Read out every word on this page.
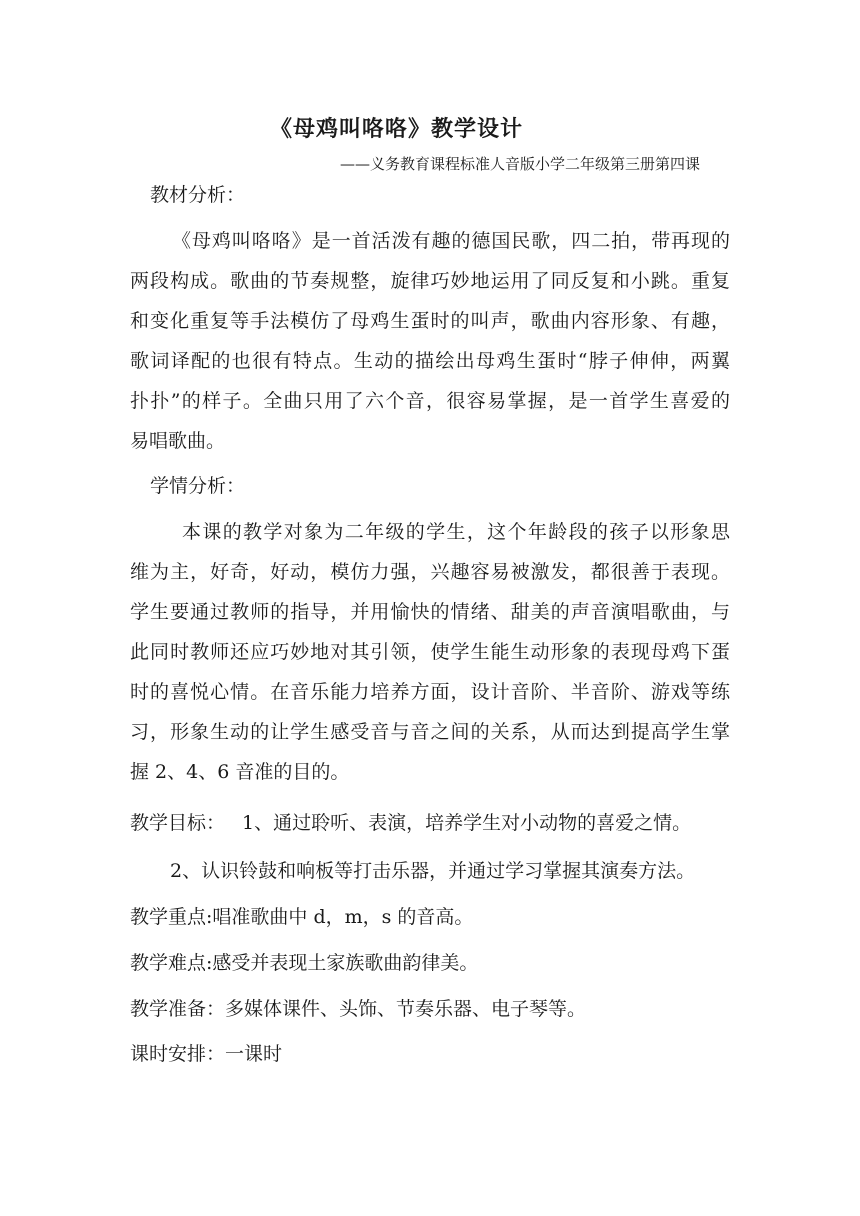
《母鸡叫咯咯》教学设计
——义务教育课程标准人音版小学二年级第三册第四课
教材分析：
《母鸡叫咯咯》是一首活泼有趣的德国民歌，四二拍，带再现的
两段构成。歌曲的节奏规整，旋律巧妙地运用了同反复和小跳。重复
和变化重复等手法模仿了母鸡生蛋时的叫声，歌曲内容形象、有趣，
歌词译配的也很有特点。生动的描绘出母鸡生蛋时“脖子伸伸，两翼
扑扑”的样子。全曲只用了六个音，很容易掌握，是一首学生喜爱的
易唱歌曲。
学情分析：
本课的教学对象为二年级的学生，这个年龄段的孩子以形象思
维为主，好奇，好动，模仿力强，兴趣容易被激发，都很善于表现。
学生要通过教师的指导，并用愉快的情绪、甜美的声音演唱歌曲，与
此同时教师还应巧妙地对其引领，使学生能生动形象的表现母鸡下蛋
时的喜悦心情。在音乐能力培养方面，设计音阶、半音阶、游戏等练
习，形象生动的让学生感受音与音之间的关系，从而达到提高学生掌
握 2、4、6 音准的目的。
教学目标： 1、通过聆听、表演，培养学生对小动物的喜爱之情。
2、认识铃鼓和响板等打击乐器，并通过学习掌握其演奏方法。
教学重点:唱准歌曲中 d，m，s 的音高。
教学难点:感受并表现土家族歌曲韵律美。
教学准备：多媒体课件、头饰、节奏乐器、电子琴等。
课时安排：一课时
